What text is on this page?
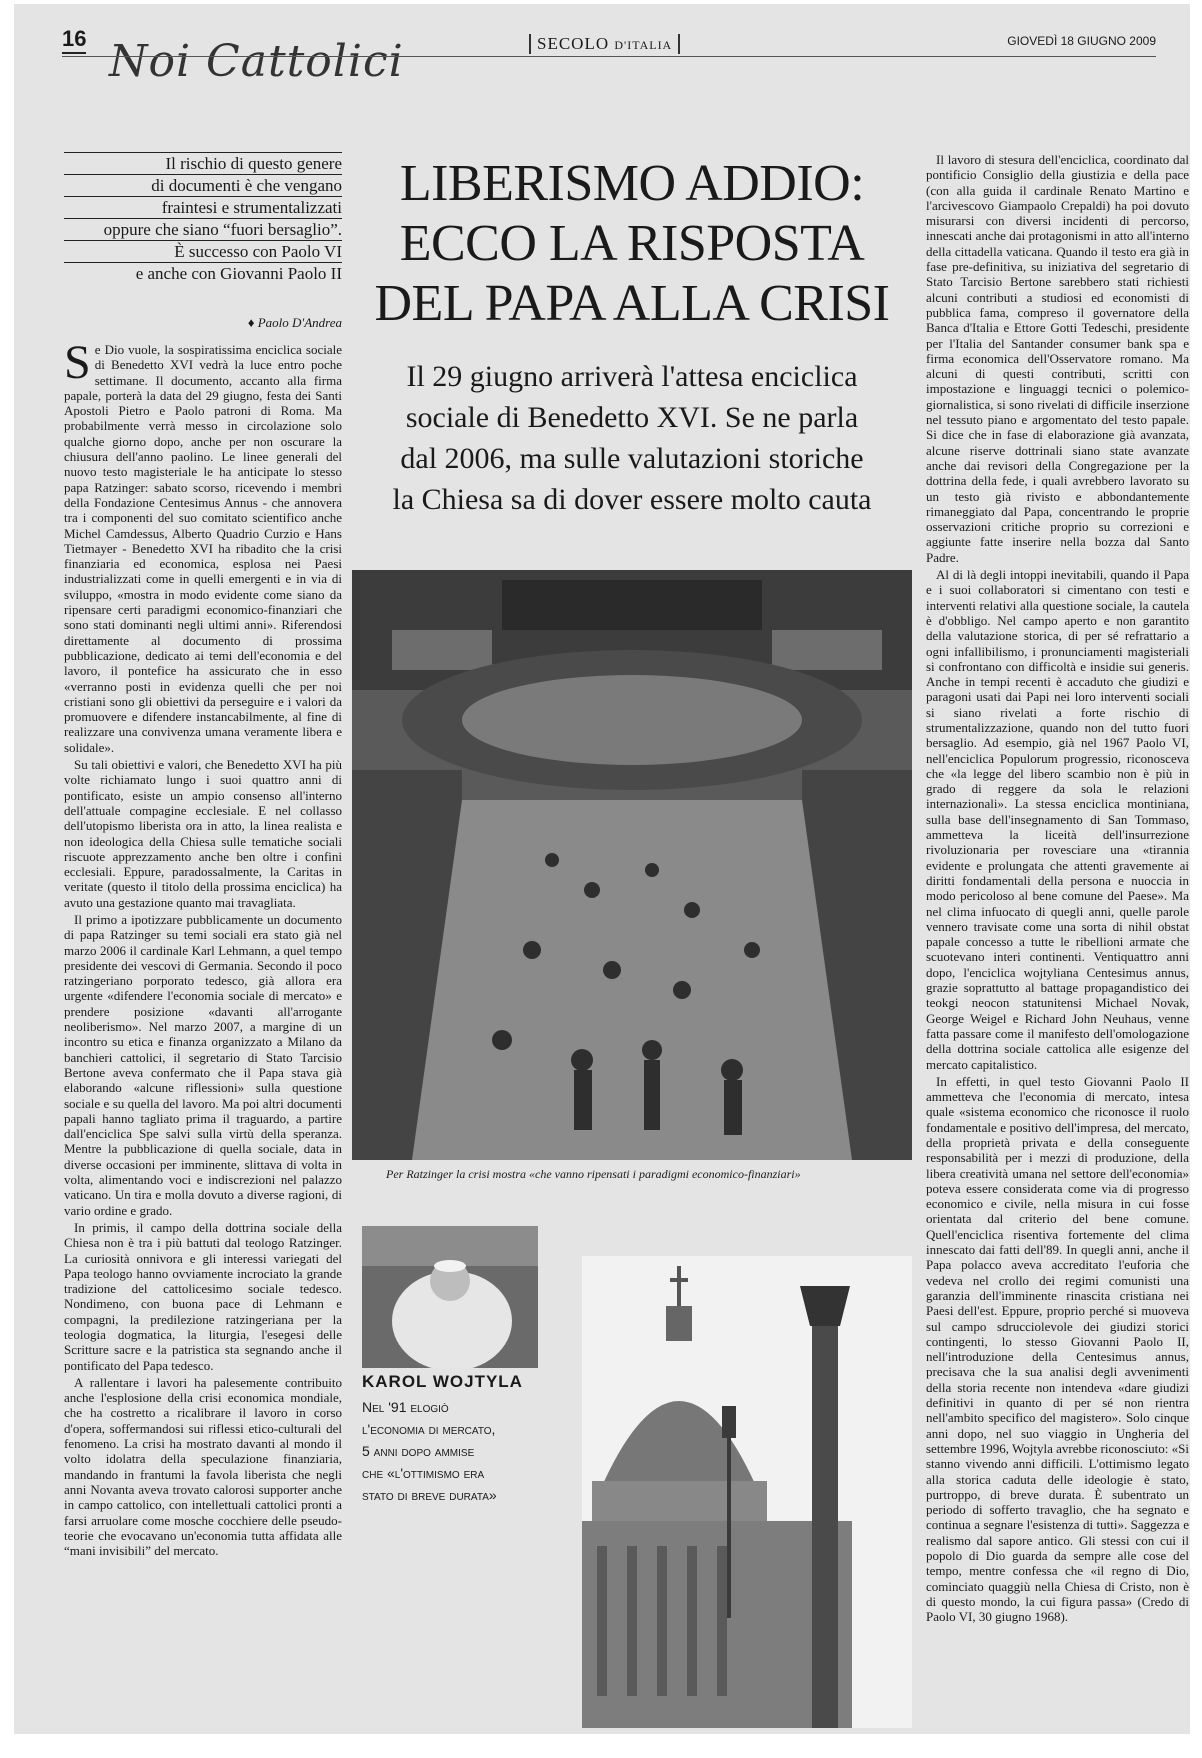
16 Noi Cattolici	SECOLO D'ITALIA	GIOVEDÌ 18 GIUGNO 2009
Il rischio di questo genere
di documenti è che vengano
fraintesi e strumentalizzati
oppure che siano “fuori bersaglio”.
È successo con Paolo VI
e anche con Giovanni Paolo II
♦ Paolo D'Andrea

Se Dio vuole, la sospiratissima enciclica sociale di Benedetto XVI vedrà la luce entro poche settimane. Il documento, accanto alla firma papale, porterà la data del 29 giugno, festa dei Santi Apostoli Pietro e Paolo patroni di Roma. Ma probabilmente verrà messo in circolazione solo qualche giorno dopo, anche per non oscurare la chiusura dell'anno paolino. Le linee generali del nuovo testo magisteriale le ha anticipate lo stesso papa Ratzinger: sabato scorso, ricevendo i membri della Fondazione Centesimus Annus - che annovera tra i componenti del suo comitato scientifico anche Michel Camdessus, Alberto Quadrio Curzio e Hans Tietmayer - Benedetto XVI ha ribadito che la crisi finanziaria ed economica, esplosa nei Paesi industrializzati come in quelli emergenti e in via di sviluppo, «mostra in modo evidente come siano da ripensare certi paradigmi economico-finanziari che sono stati dominanti negli ultimi anni». Riferendosi direttamente al documento di prossima pubblicazione, dedicato ai temi dell'economia e del lavoro, il pontefice ha assicurato che in esso «verranno posti in evidenza quelli che per noi cristiani sono gli obiettivi da perseguire e i valori da promuovere e difendere instancabilmente, al fine di realizzare una convivenza umana veramente libera e solidale».

Su tali obiettivi e valori, che Benedetto XVI ha più volte richiamato lungo i suoi quattro anni di pontificato, esiste un ampio consenso all'interno dell'attuale compagine ecclesiale. E nel collasso dell'utopismo liberista ora in atto, la linea realista e non ideologica della Chiesa sulle tematiche sociali riscuote apprezzamento anche ben oltre i confini ecclesiali. Eppure, paradossalmente, la Caritas in veritate (questo il titolo della prossima enciclica) ha avuto una gestazione quanto mai travagliata.

Il primo a ipotizzare pubblicamente un documento di papa Ratzinger su temi sociali era stato già nel marzo 2006 il cardinale Karl Lehmann, a quel tempo presidente dei vescovi di Germania. Secondo il poco ratzingeriano porporato tedesco, già allora era urgente «difendere l'economia sociale di mercato» e prendere posizione «davanti all'arrogante neoliberismo». Nel marzo 2007, a margine di un incontro su etica e finanza organizzato a Milano da banchieri cattolici, il segretario di Stato Tarcisio Bertone aveva confermato che il Papa stava già elaborando «alcune riflessioni» sulla questione sociale e su quella del lavoro. Ma poi altri documenti papali hanno tagliato prima il traguardo, a partire dall'enciclica Spe salvi sulla virtù della speranza. Mentre la pubblicazione di quella sociale, data in diverse occasioni per imminente, slittava di volta in volta, alimentando voci e indiscrezioni nel palazzo vaticano. Un tira e molla dovuto a diverse ragioni, di vario ordine e grado.

In primis, il campo della dottrina sociale della Chiesa non è tra i più battuti dal teologo Ratzinger. La curiosità onnivora e gli interessi variegati del Papa teologo hanno ovviamente incrociato la grande tradizione del cattolicesimo sociale tedesco. Nondimeno, con buona pace di Lehmann e compagni, la predilezione ratzingeriana per la teologia dogmatica, la liturgia, l'esegesi delle Scritture sacre e la patristica sta segnando anche il pontificato del Papa tedesco.

A rallentare i lavori ha palesemente contribuito anche l'esplosione della crisi economica mondiale, che ha costretto a ricalibrare il lavoro in corso d'opera, soffermandosi sui riflessi etico-culturali del fenomeno. La crisi ha mostrato davanti al mondo il volto idolatra della speculazione finanziaria, mandando in frantumi la favola liberista che negli anni Novanta aveva trovato calorosi supporter anche in campo cattolico, con intellettuali cattolici pronti a farsi arruolare come mosche cocchiere delle pseudo-teorie che evocavano un'economia tutta affidata alle “mani invisibili” del mercato.

LIBERISMO ADDIO:
ECCO LA RISPOSTA
DEL PAPA ALLA CRISI
Il 29 giugno arriverà l'attesa enciclica
sociale di Benedetto XVI. Se ne parla
dal 2006, ma sulle valutazioni storiche
la Chiesa sa di dover essere molto cauta
Per Ratzinger la crisi mostra «che vanno ripensati i paradigmi economico-finanziari»
KAROL WOJTYLA
Nel '91 elogiò
l'economia di mercato,
5 anni dopo ammise
che «l'ottimismo era
stato di breve durata»

Il lavoro di stesura dell'enciclica, coordinato dal pontificio Consiglio della giustizia e della pace (con alla guida il cardinale Renato Martino e l'arcivescovo Giampaolo Crepaldi) ha poi dovuto misurarsi con diversi incidenti di percorso, innescati anche dai protagonismi in atto all'interno della cittadella vaticana. Quando il testo era già in fase pre-definitiva, su iniziativa del segretario di Stato Tarcisio Bertone sarebbero stati richiesti alcuni contributi a studiosi ed economisti di pubblica fama, compreso il governatore della Banca d'Italia e Ettore Gotti Tedeschi, presidente per l'Italia del Santander consumer bank spa e firma economica dell'Osservatore romano. Ma alcuni di questi contributi, scritti con impostazione e linguaggi tecnici o polemico-giornalistica, si sono rivelati di difficile inserzione nel tessuto piano e argomentato del testo papale. Si dice che in fase di elaborazione già avanzata, alcune riserve dottrinali siano state avanzate anche dai revisori della Congregazione per la dottrina della fede, i quali avrebbero lavorato su un testo già rivisto e abbondantemente rimaneggiato dal Papa, concentrando le proprie osservazioni critiche proprio su correzioni e aggiunte fatte inserire nella bozza dal Santo Padre.

Al di là degli intoppi inevitabili, quando il Papa e i suoi collaboratori si cimentano con testi e interventi relativi alla questione sociale, la cautela è d'obbligo. Nel campo aperto e non garantito della valutazione storica, di per sé refrattario a ogni infallibilismo, i pronunciamenti magisteriali si confrontano con difficoltà e insidie sui generis. Anche in tempi recenti è accaduto che giudizi e paragoni usati dai Papi nei loro interventi sociali si siano rivelati a forte rischio di strumentalizzazione, quando non del tutto fuori bersaglio. Ad esempio, già nel 1967 Paolo VI, nell'enciclica Populorum progressio, riconosceva che «la legge del libero scambio non è più in grado di reggere da sola le relazioni internazionali». La stessa enciclica montiniana, sulla base dell'insegnamento di San Tommaso, ammetteva la liceità dell'insurrezione rivoluzionaria per rovesciare una «tirannia evidente e prolungata che attenti gravemente ai diritti fondamentali della persona e nuoccia in modo pericoloso al bene comune del Paese». Ma nel clima infuocato di quegli anni, quelle parole vennero travisate come una sorta di nihil obstat papale concesso a tutte le ribellioni armate che scuotevano interi continenti. Ventiquattro anni dopo, l'enciclica wojtyliana Centesimus annus, grazie soprattutto al battage propagandistico dei teokgi neocon statunitensi Michael Novak, George Weigel e Richard John Neuhaus, venne fatta passare come il manifesto dell'omologazione della dottrina sociale cattolica alle esigenze del mercato capitalistico.

In effetti, in quel testo Giovanni Paolo II ammetteva che l'economia di mercato, intesa quale «sistema economico che riconosce il ruolo fondamentale e positivo dell'impresa, del mercato, della proprietà privata e della conseguente responsabilità per i mezzi di produzione, della libera creatività umana nel settore dell'economia» poteva essere considerata come via di progresso economico e civile, nella misura in cui fosse orientata dal criterio del bene comune. Quell'enciclica risentiva fortemente del clima innescato dai fatti dell'89. In quegli anni, anche il Papa polacco aveva accreditato l'euforia che vedeva nel crollo dei regimi comunisti una garanzia dell'imminente rinascita cristiana nei Paesi dell'est. Eppure, proprio perché si muoveva sul campo sdrucciolevole dei giudizi storici contingenti, lo stesso Giovanni Paolo II, nell'introduzione della Centesimus annus, precisava che la sua analisi degli avvenimenti della storia recente non intendeva «dare giudizi definitivi in quanto di per sé non rientra nell'ambito specifico del magistero». Solo cinque anni dopo, nel suo viaggio in Ungheria del settembre 1996, Wojtyla avrebbe riconosciuto: «Si stanno vivendo anni difficili. L'ottimismo legato alla storica caduta delle ideologie è stato, purtroppo, di breve durata. È subentrato un periodo di sofferto travaglio, che ha segnato e continua a segnare l'esistenza di tutti». Saggezza e realismo dal sapore antico. Gli stessi con cui il popolo di Dio guarda da sempre alle cose del tempo, mentre confessa che «il regno di Dio, cominciato quaggiù nella Chiesa di Cristo, non è di questo mondo, la cui figura passa» (Credo di Paolo VI, 30 giugno 1968).
